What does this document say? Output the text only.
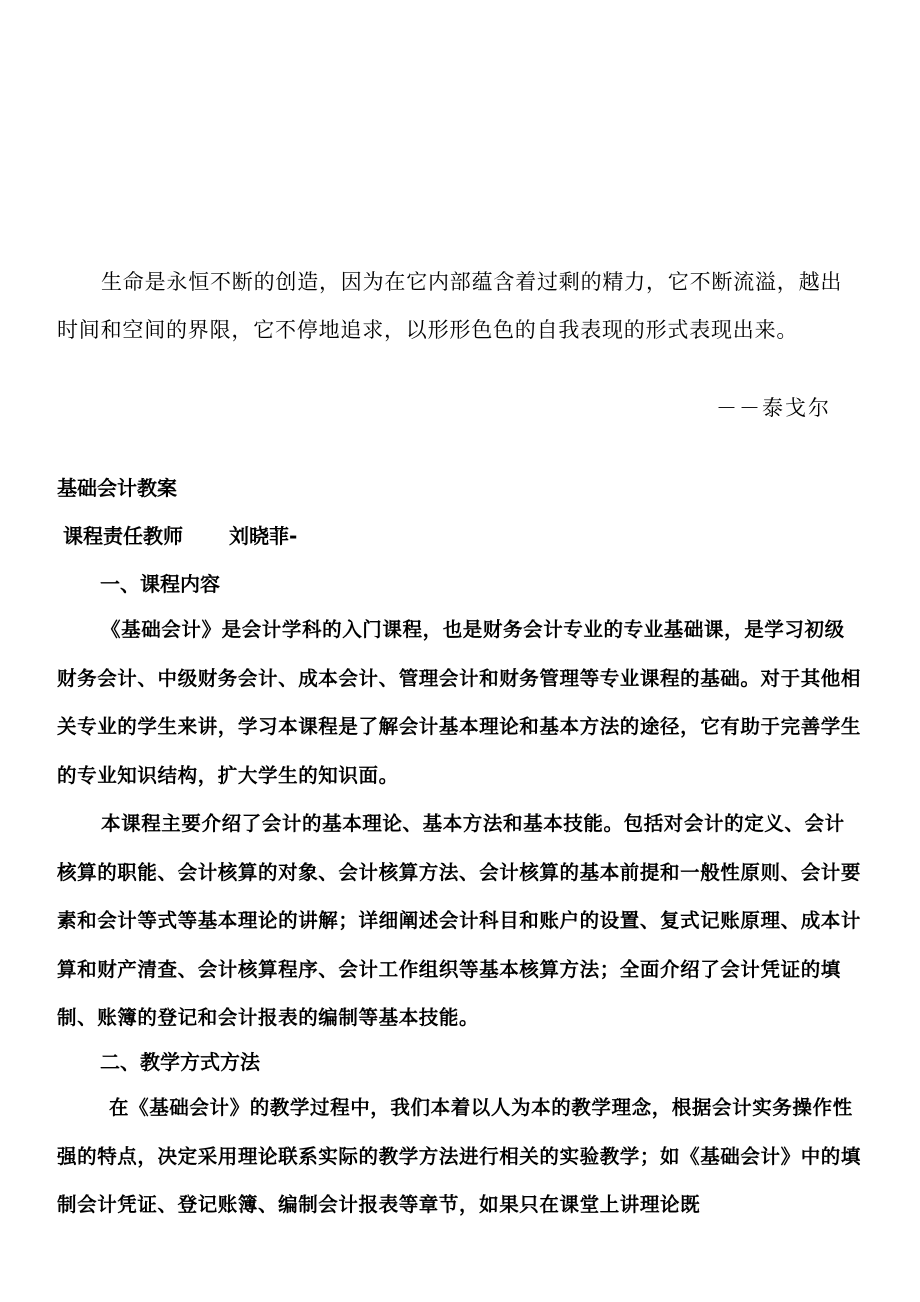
生命是永恒不断的创造，因为在它内部蕴含着过剩的精力，它不断流溢，越出时间和空间的界限，它不停地追求，以形形色色的自我表现的形式表现出来。

－－泰戈尔

基础会计教案

课程责任教师 刘晓菲-

一、课程内容

《基础会计》是会计学科的入门课程，也是财务会计专业的专业基础课，是学习初级财务会计、中级财务会计、成本会计、管理会计和财务管理等专业课程的基础。对于其他相关专业的学生来讲，学习本课程是了解会计基本理论和基本方法的途径，它有助于完善学生的专业知识结构，扩大学生的知识面。

本课程主要介绍了会计的基本理论、基本方法和基本技能。包括对会计的定义、会计核算的职能、会计核算的对象、会计核算方法、会计核算的基本前提和一般性原则、会计要素和会计等式等基本理论的讲解；详细阐述会计科目和账户的设置、复式记账原理、成本计算和财产清查、会计核算程序、会计工作组织等基本核算方法；全面介绍了会计凭证的填制、账簿的登记和会计报表的编制等基本技能。

二、教学方式方法

在《基础会计》的教学过程中，我们本着以人为本的教学理念，根据会计实务操作性强的特点，决定采用理论联系实际的教学方法进行相关的实验教学；如《基础会计》中的填制会计凭证、登记账簿、编制会计报表等章节，如果只在课堂上讲理论既
